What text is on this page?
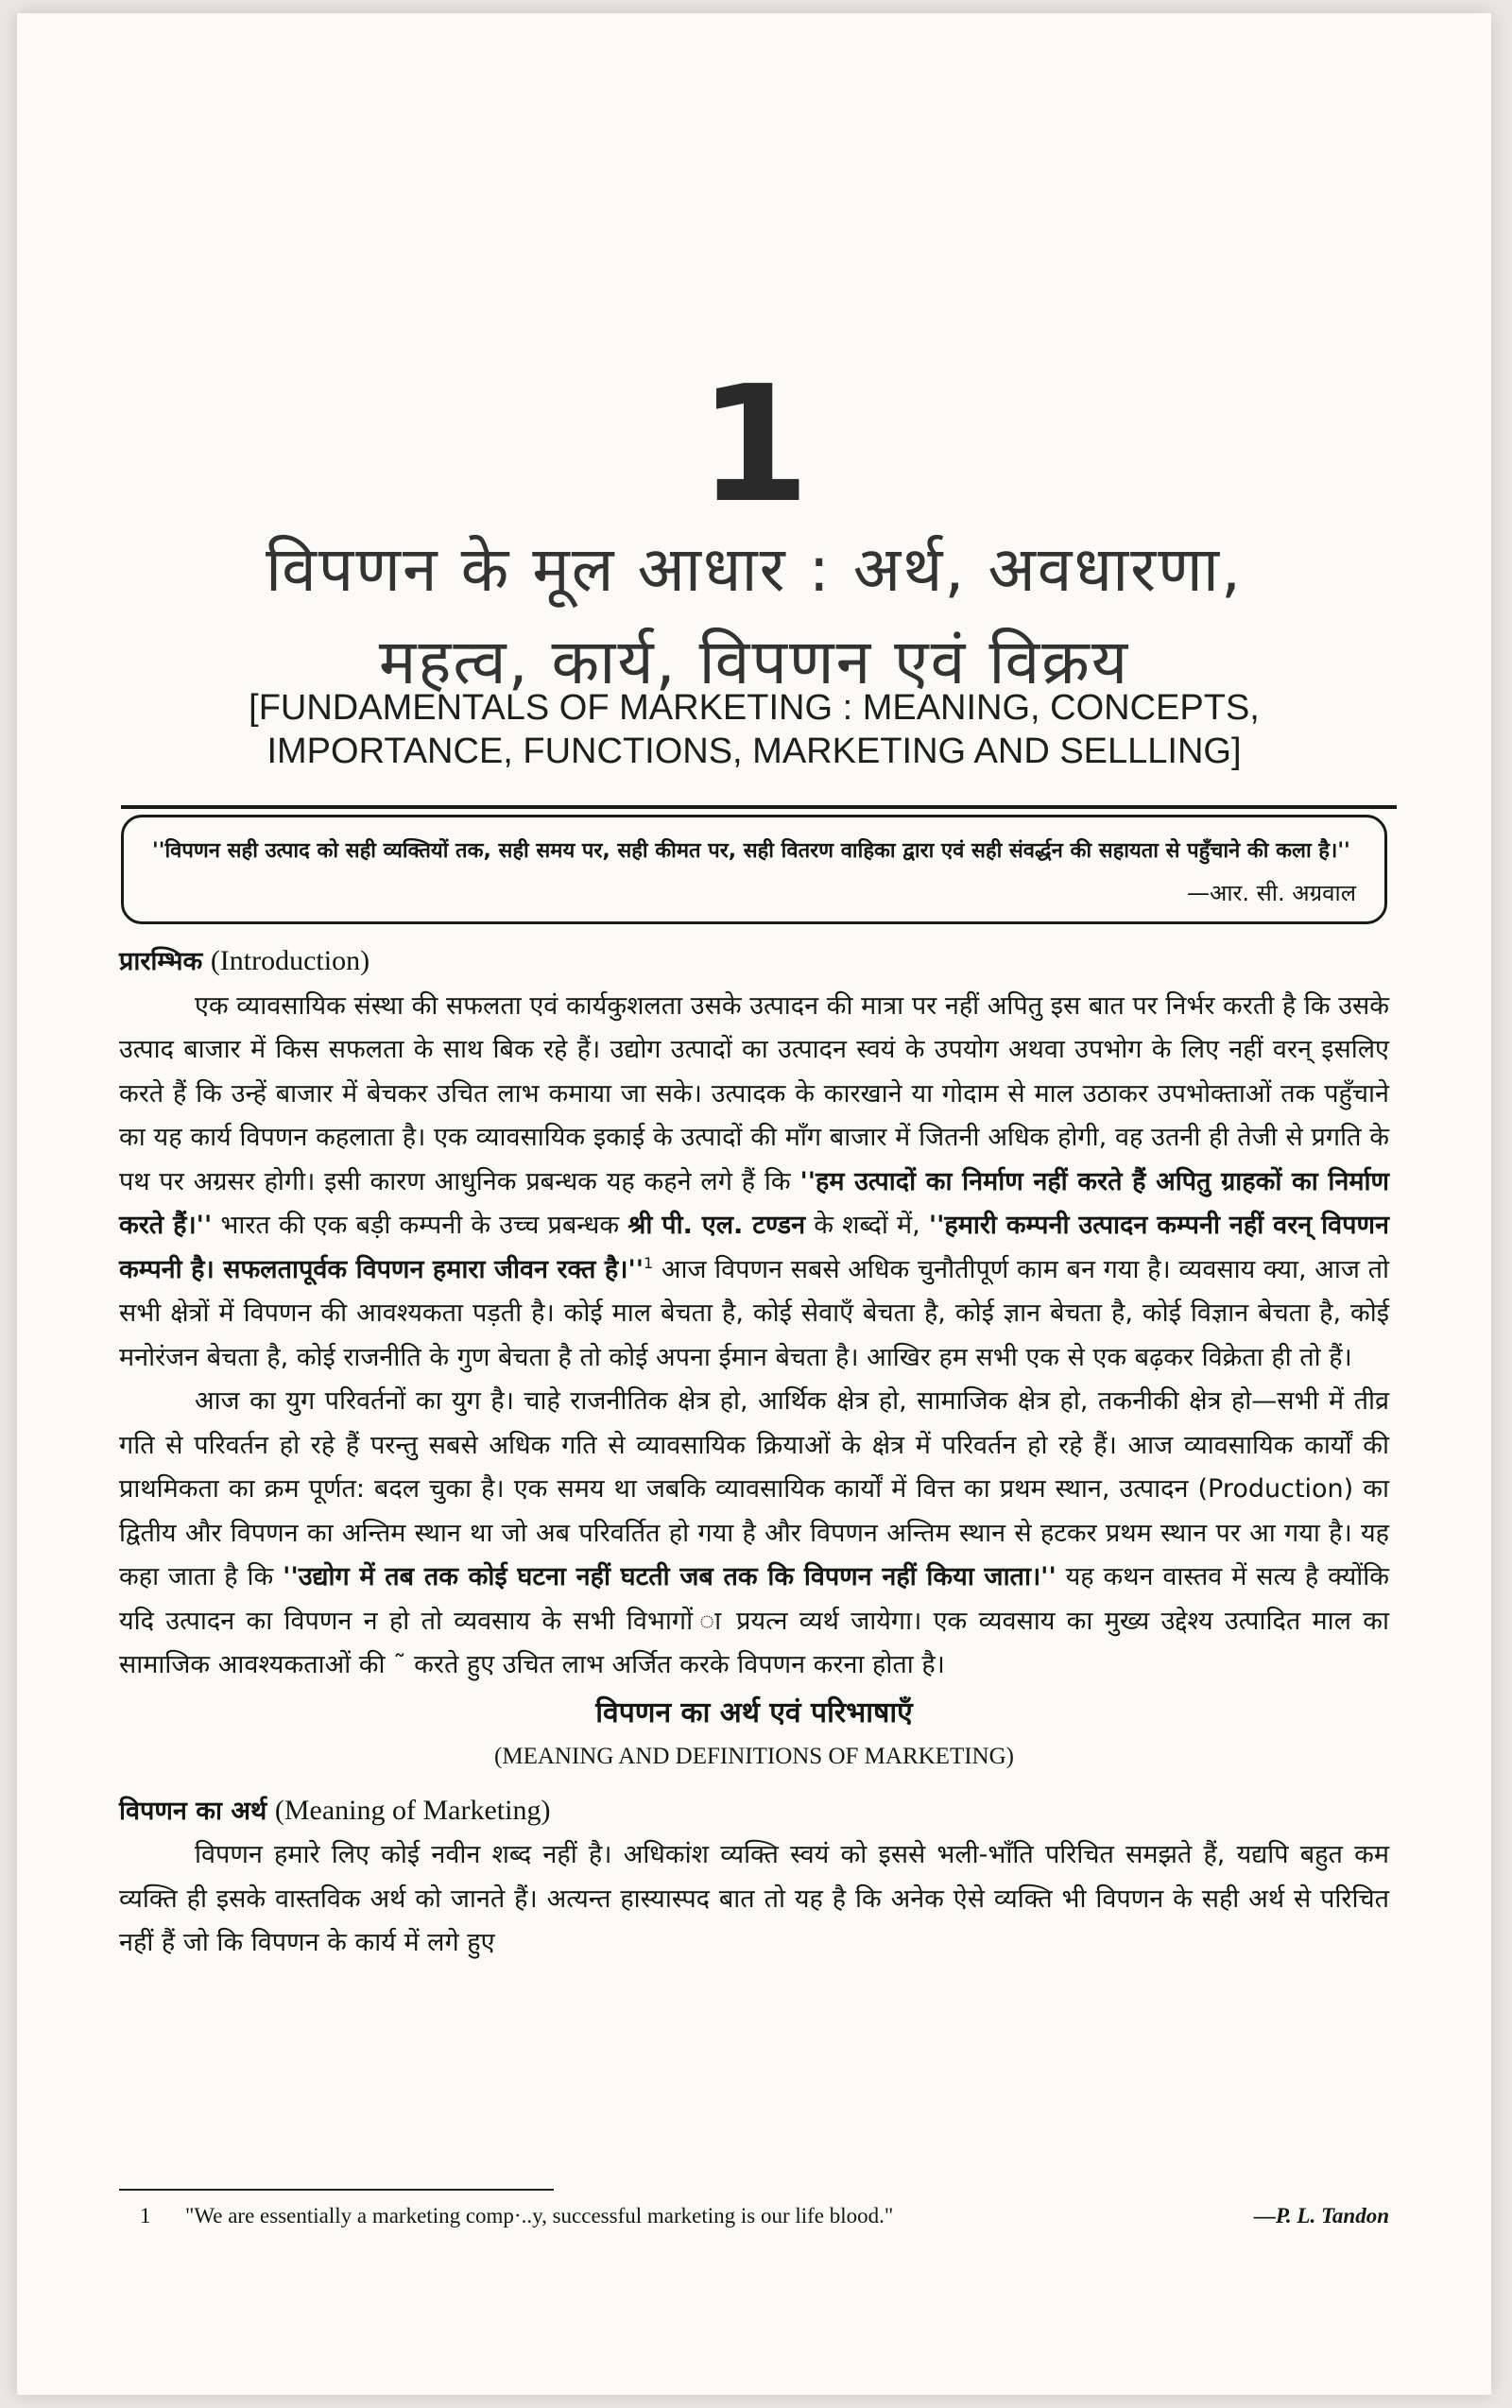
1
विपणन के मूल आधार : अर्थ, अवधारणा,
महत्व, कार्य, विपणन एवं विक्रय
[FUNDAMENTALS OF MARKETING : MEANING, CONCEPTS,
IMPORTANCE, FUNCTIONS, MARKETING AND SELLLING]
''विपणन सही उत्पाद को सही व्यक्तियों तक, सही समय पर, सही कीमत पर, सही वितरण वाहिका द्वारा एवं सही संवर्द्धन की सहायता से पहुँचाने की कला है।''
—आर. सी. अग्रवाल

प्रारम्भिक (Introduction)

एक व्यावसायिक संस्था की सफलता एवं कार्यकुशलता उसके उत्पादन की मात्रा पर नहीं अपितु इस बात पर निर्भर करती है कि उसके उत्पाद बाजार में किस सफलता के साथ बिक रहे हैं। उद्योग उत्पादों का उत्पादन स्वयं के उपयोग अथवा उपभोग के लिए नहीं वरन् इसलिए करते हैं कि उन्हें बाजार में बेचकर उचित लाभ कमाया जा सके। उत्पादक के कारखाने या गोदाम से माल उठाकर उपभोक्ताओं तक पहुँचाने का यह कार्य विपणन कहलाता है। एक व्यावसायिक इकाई के उत्पादों की माँग बाजार में जितनी अधिक होगी, वह उतनी ही तेजी से प्रगति के पथ पर अग्रसर होगी। इसी कारण आधुनिक प्रबन्धक यह कहने लगे हैं कि ''हम उत्पादों का निर्माण नहीं करते हैं अपितु ग्राहकों का निर्माण करते हैं।'' भारत की एक बड़ी कम्पनी के उच्च प्रबन्धक श्री पी. एल. टण्डन के शब्दों में, ''हमारी कम्पनी उत्पादन कम्पनी नहीं वरन् विपणन कम्पनी है। सफलतापूर्वक विपणन हमारा जीवन रक्त $है।''^1$ आज विपणन सबसे अधिक चुनौतीपूर्ण काम बन गया है। व्यवसाय क्या, आज तो सभी क्षेत्रों में विपणन की आवश्यकता पड़ती है। कोई माल बेचता है, कोई सेवाएँ बेचता है, कोई ज्ञान बेचता है, कोई विज्ञान बेचता है, कोई मनोरंजन बेचता है, कोई राजनीति के गुण बेचता है तो कोई अपना ईमान बेचता है। आखिर हम सभी एक से एक बढ़कर विक्रेता ही तो हैं।

आज का युग परिवर्तनों का युग है। चाहे राजनीतिक क्षेत्र हो, आर्थिक क्षेत्र हो, सामाजिक क्षेत्र हो, तकनीकी क्षेत्र हो—सभी में तीव्र गति से परिवर्तन हो रहे हैं परन्तु सबसे अधिक गति से व्यावसायिक क्रियाओं के क्षेत्र में परिवर्तन हो रहे हैं। आज व्यावसायिक कार्यों की प्राथमिकता का क्रम पूर्णत: बदल चुका है। एक समय था जबकि व्यावसायिक कार्यों में वित्त का प्रथम स्थान, उत्पादन (Production) का द्वितीय और विपणन का अन्तिम स्थान था जो अब परिवर्तित हो गया है और विपणन अन्तिम स्थान से हटकर प्रथम स्थान पर आ गया है। यह कहा जाता है कि ''उद्योग में तब तक कोई घटना नहीं घटती जब तक कि विपणन नहीं किया जाता।'' यह कथन वास्तव में सत्य है क्योंकि यदि उत्पादन का विपणन न हो तो व्यवसाय के सभी विभागों ा प्रयत्न व्यर्थ जायेगा। एक व्यवसाय का मुख्य उद्देश्य उत्पादित माल का सामाजिक आवश्यकताओं की ˜ करते हुए उचित लाभ अर्जित करके विपणन करना होता है।

विपणन का अर्थ एवं परिभाषाएँ

(MEANING AND DEFINITIONS OF MARKETING)

विपणन का अर्थ (Meaning of Marketing)

विपणन हमारे लिए कोई नवीन शब्द नहीं है। अधिकांश व्यक्ति स्वयं को इससे भली-भाँति परिचित समझते हैं, यद्यपि बहुत कम व्यक्ति ही इसके वास्तविक अर्थ को जानते हैं। अत्यन्त हास्यास्पद बात तो यह है कि अनेक ऐसे व्यक्ति भी विपणन के सही अर्थ से परिचित नहीं हैं जो कि विपणन के कार्य में लगे हुए

1 "We are essentially a marketing comp·..y, successful marketing is our life blood."	—P. L. Tandon
